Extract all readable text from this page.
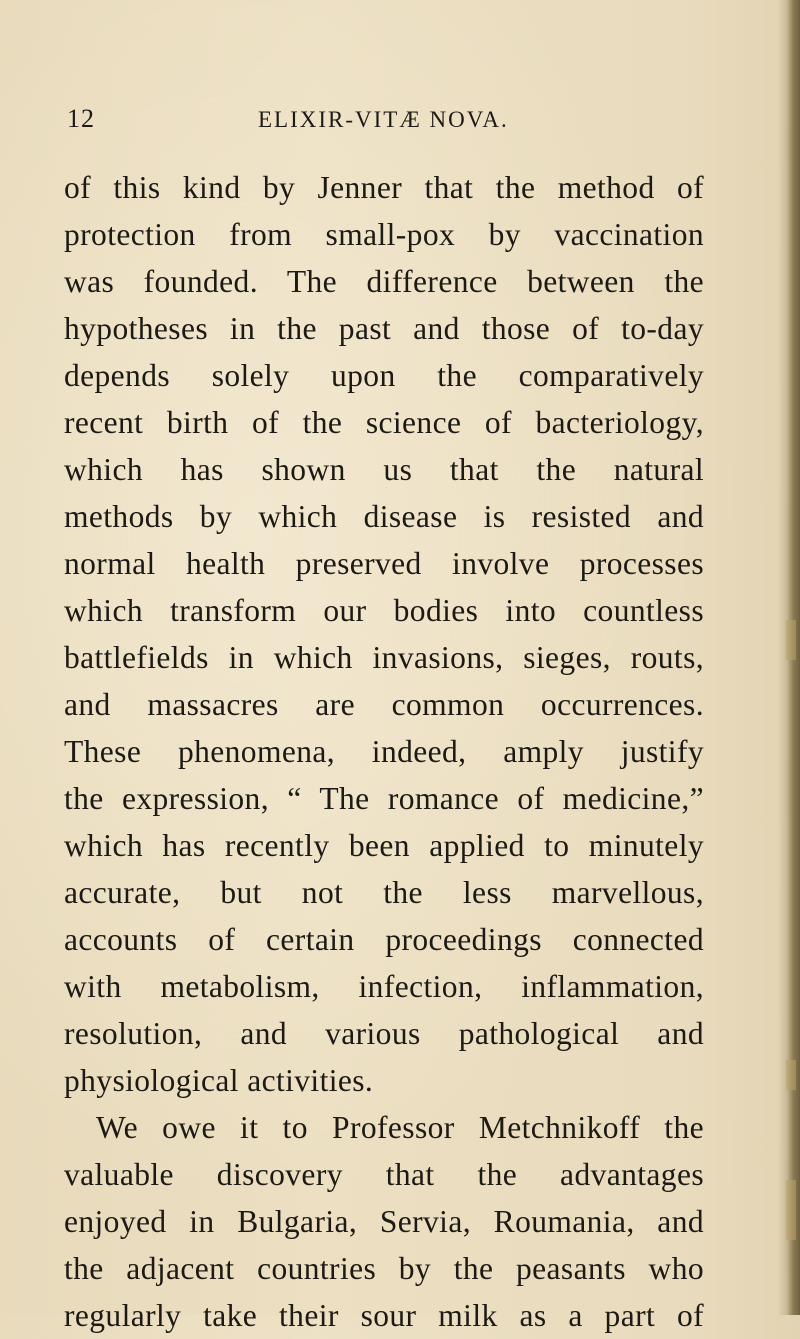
12	ELIXIR-VITÆ NOVA.
of this kind by Jenner that the method of
protection from small-pox by vaccination
was founded. The difference between the
hypotheses in the past and those of to-day
depends solely upon the comparatively
recent birth of the science of bacteriology,
which has shown us that the natural
methods by which disease is resisted and
normal health preserved involve processes
which transform our bodies into countless
battlefields in which invasions, sieges, routs,
and massacres are common occurrences.
These phenomena, indeed, amply justify
the expression, “ The romance of medicine,”
which has recently been applied to minutely
accurate, but not the less marvellous,
accounts of certain proceedings connected
with metabolism, infection, inflammation,
resolution, and various pathological and
physiological activities.
We owe it to Professor Metchnikoff the
valuable discovery that the advantages
enjoyed in Bulgaria, Servia, Roumania, and
the adjacent countries by the peasants who
regularly take their sour milk as a part of
